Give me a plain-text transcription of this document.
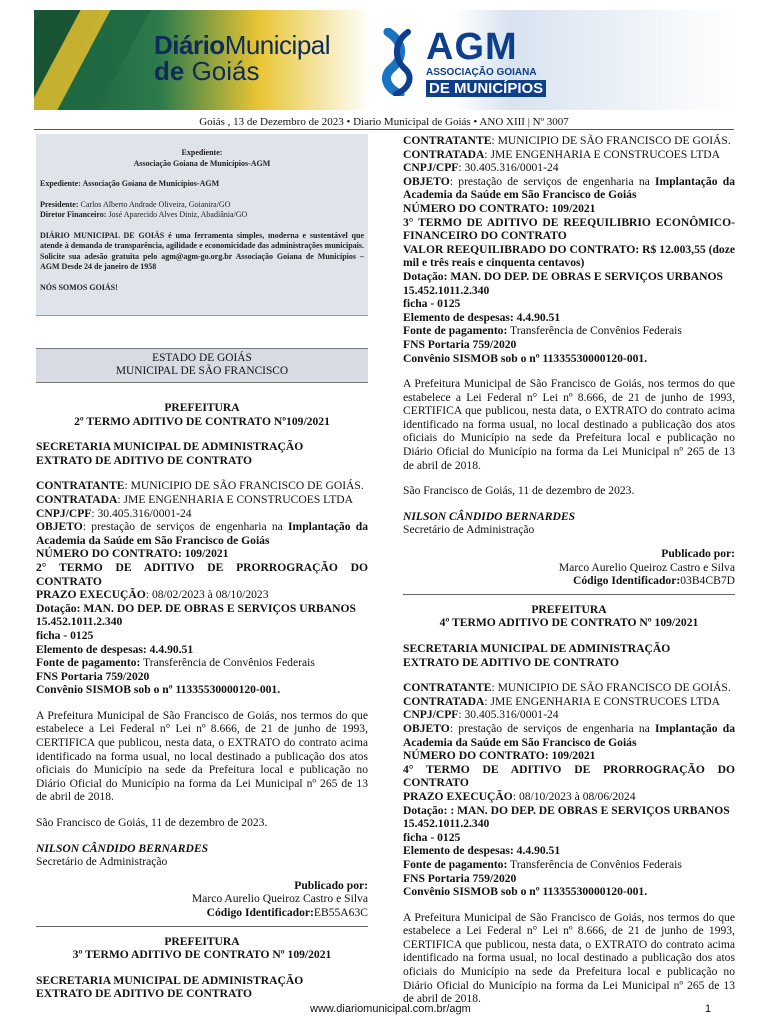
DiárioMunicipal
de Goiás
AGM
ASSOCIAÇÃO GOIANA
DE MUNICÍPIOS
Goiás , 13 de Dezembro de 2023 • Diario Municipal de Goiás • ANO XIII | Nº 3007

Expediente:
Associação Goiana de Municípios-AGM

Expediente: Associação Goiana de Municípios-AGM

Presidente: Carlos Alberto Andrade Oliveira, Goianira/GO
Diretor Financeiro: José Aparecido Alves Diniz, Abadiânia/GO

DIÁRIO MUNICIPAL DE GOIÁS é uma ferramenta simples, moderna e sustentável que atende à demanda de transparência, agilidade e economicidade das administrações municipais. Solicite sua adesão gratuita pelo agm@agm-go.org.br Associação Goiana de Municípios – AGM Desde 24 de janeiro de 1958

NÓS SOMOS GOIÁS!

ESTADO DE GOIÁS
MUNICIPAL DE SÃO FRANCISCO
PREFEITURA
2º TERMO ADITIVO DE CONTRATO Nº109/2021
SECRETARIA MUNICIPAL DE ADMINISTRAÇÃO
EXTRATO DE ADITIVO DE CONTRATO
CONTRATANTE: MUNICIPIO DE SÃO FRANCISCO DE GOIÁS.
CONTRATADA: JME ENGENHARIA E CONSTRUCOES LTDA
CNPJ/CPF: 30.405.316/0001-24
OBJETO: prestação de serviços de engenharia na Implantação da Academia da Saúde em São Francisco de Goiás
NÚMERO DO CONTRATO: 109/2021
2° TERMO DE ADITIVO DE PRORROGRAÇÃO DO CONTRATO
PRAZO EXECUÇÃO: 08/02/2023 à 08/10/2023
Dotação: MAN. DO DEP. DE OBRAS E SERVIÇOS URBANOS
15.452.1011.2.340
ficha - 0125
Elemento de despesas: 4.4.90.51
Fonte de pagamento: Transferência de Convênios Federais
FNS Portaria 759/2020
Convênio SISMOB sob o nº 11335530000120-001.
A Prefeitura Municipal de São Francisco de Goiás, nos termos do que estabelece a Lei Federal n° Lei nº 8.666, de 21 de junho de 1993, CERTIFICA que publicou, nesta data, o EXTRATO do contrato acima identificado na forma usual, no local destinado a publicação dos atos oficiais do Município na sede da Prefeitura local e publicação no Diário Oficial do Município na forma da Lei Municipal nº 265 de 13 de abril de 2018.
São Francisco de Goiás, 11 de dezembro de 2023.
NILSON CÂNDIDO BERNARDES
Secretário de Administração
Publicado por:
Marco Aurelio Queiroz Castro e Silva
Código Identificador:EB55A63C
PREFEITURA
3º TERMO ADITIVO DE CONTRATO Nº 109/2021
SECRETARIA MUNICIPAL DE ADMINISTRAÇÃO
EXTRATO DE ADITIVO DE CONTRATO
CONTRATANTE: MUNICIPIO DE SÃO FRANCISCO DE GOIÁS.
CONTRATADA: JME ENGENHARIA E CONSTRUCOES LTDA
CNPJ/CPF: 30.405.316/0001-24
OBJETO: prestação de serviços de engenharia na Implantação da Academia da Saúde em São Francisco de Goiás
NÚMERO DO CONTRATO: 109/2021
3° TERMO DE ADITIVO DE REEQUILIBRIO ECONÔMICO-FINANCEIRO DO CONTRATO
VALOR REEQUILIBRADO DO CONTRATO: R$ 12.003,55 (doze mil e três reais e cinquenta centavos)
Dotação: MAN. DO DEP. DE OBRAS E SERVIÇOS URBANOS
15.452.1011.2.340
ficha - 0125
Elemento de despesas: 4.4.90.51
Fonte de pagamento: Transferência de Convênios Federais
FNS Portaria 759/2020
Convênio SISMOB sob o nº 11335530000120-001.
A Prefeitura Municipal de São Francisco de Goiás, nos termos do que estabelece a Lei Federal n° Lei nº 8.666, de 21 de junho de 1993, CERTIFICA que publicou, nesta data, o EXTRATO do contrato acima identificado na forma usual, no local destinado a publicação dos atos oficiais do Município na sede da Prefeitura local e publicação no Diário Oficial do Município na forma da Lei Municipal nº 265 de 13 de abril de 2018.
São Francisco de Goiás, 11 de dezembro de 2023.
NILSON CÂNDIDO BERNARDES
Secretário de Administração
Publicado por:
Marco Aurelio Queiroz Castro e Silva
Código Identificador:03B4CB7D
PREFEITURA
4º TERMO ADITIVO DE CONTRATO Nº 109/2021
SECRETARIA MUNICIPAL DE ADMINISTRAÇÃO
EXTRATO DE ADITIVO DE CONTRATO
CONTRATANTE: MUNICIPIO DE SÃO FRANCISCO DE GOIÁS.
CONTRATADA: JME ENGENHARIA E CONSTRUCOES LTDA
CNPJ/CPF: 30.405.316/0001-24
OBJETO: prestação de serviços de engenharia na Implantação da Academia da Saúde em São Francisco de Goiás
NÚMERO DO CONTRATO: 109/2021
4° TERMO DE ADITIVO DE PRORROGRAÇÃO DO CONTRATO
PRAZO EXECUÇÃO: 08/10/2023 à 08/06/2024
Dotação: : MAN. DO DEP. DE OBRAS E SERVIÇOS URBANOS
15.452.1011.2.340
ficha - 0125
Elemento de despesas: 4.4.90.51
Fonte de pagamento: Transferência de Convênios Federais
FNS Portaria 759/2020
Convênio SISMOB sob o nº 11335530000120-001.
A Prefeitura Municipal de São Francisco de Goiás, nos termos do que estabelece a Lei Federal n° Lei nº 8.666, de 21 de junho de 1993, CERTIFICA que publicou, nesta data, o EXTRATO do contrato acima identificado na forma usual, no local destinado a publicação dos atos oficiais do Município na sede da Prefeitura local e publicação no Diário Oficial do Município na forma da Lei Municipal nº 265 de 13 de abril de 2018.
www.diariomunicipal.com.br/agm	1
